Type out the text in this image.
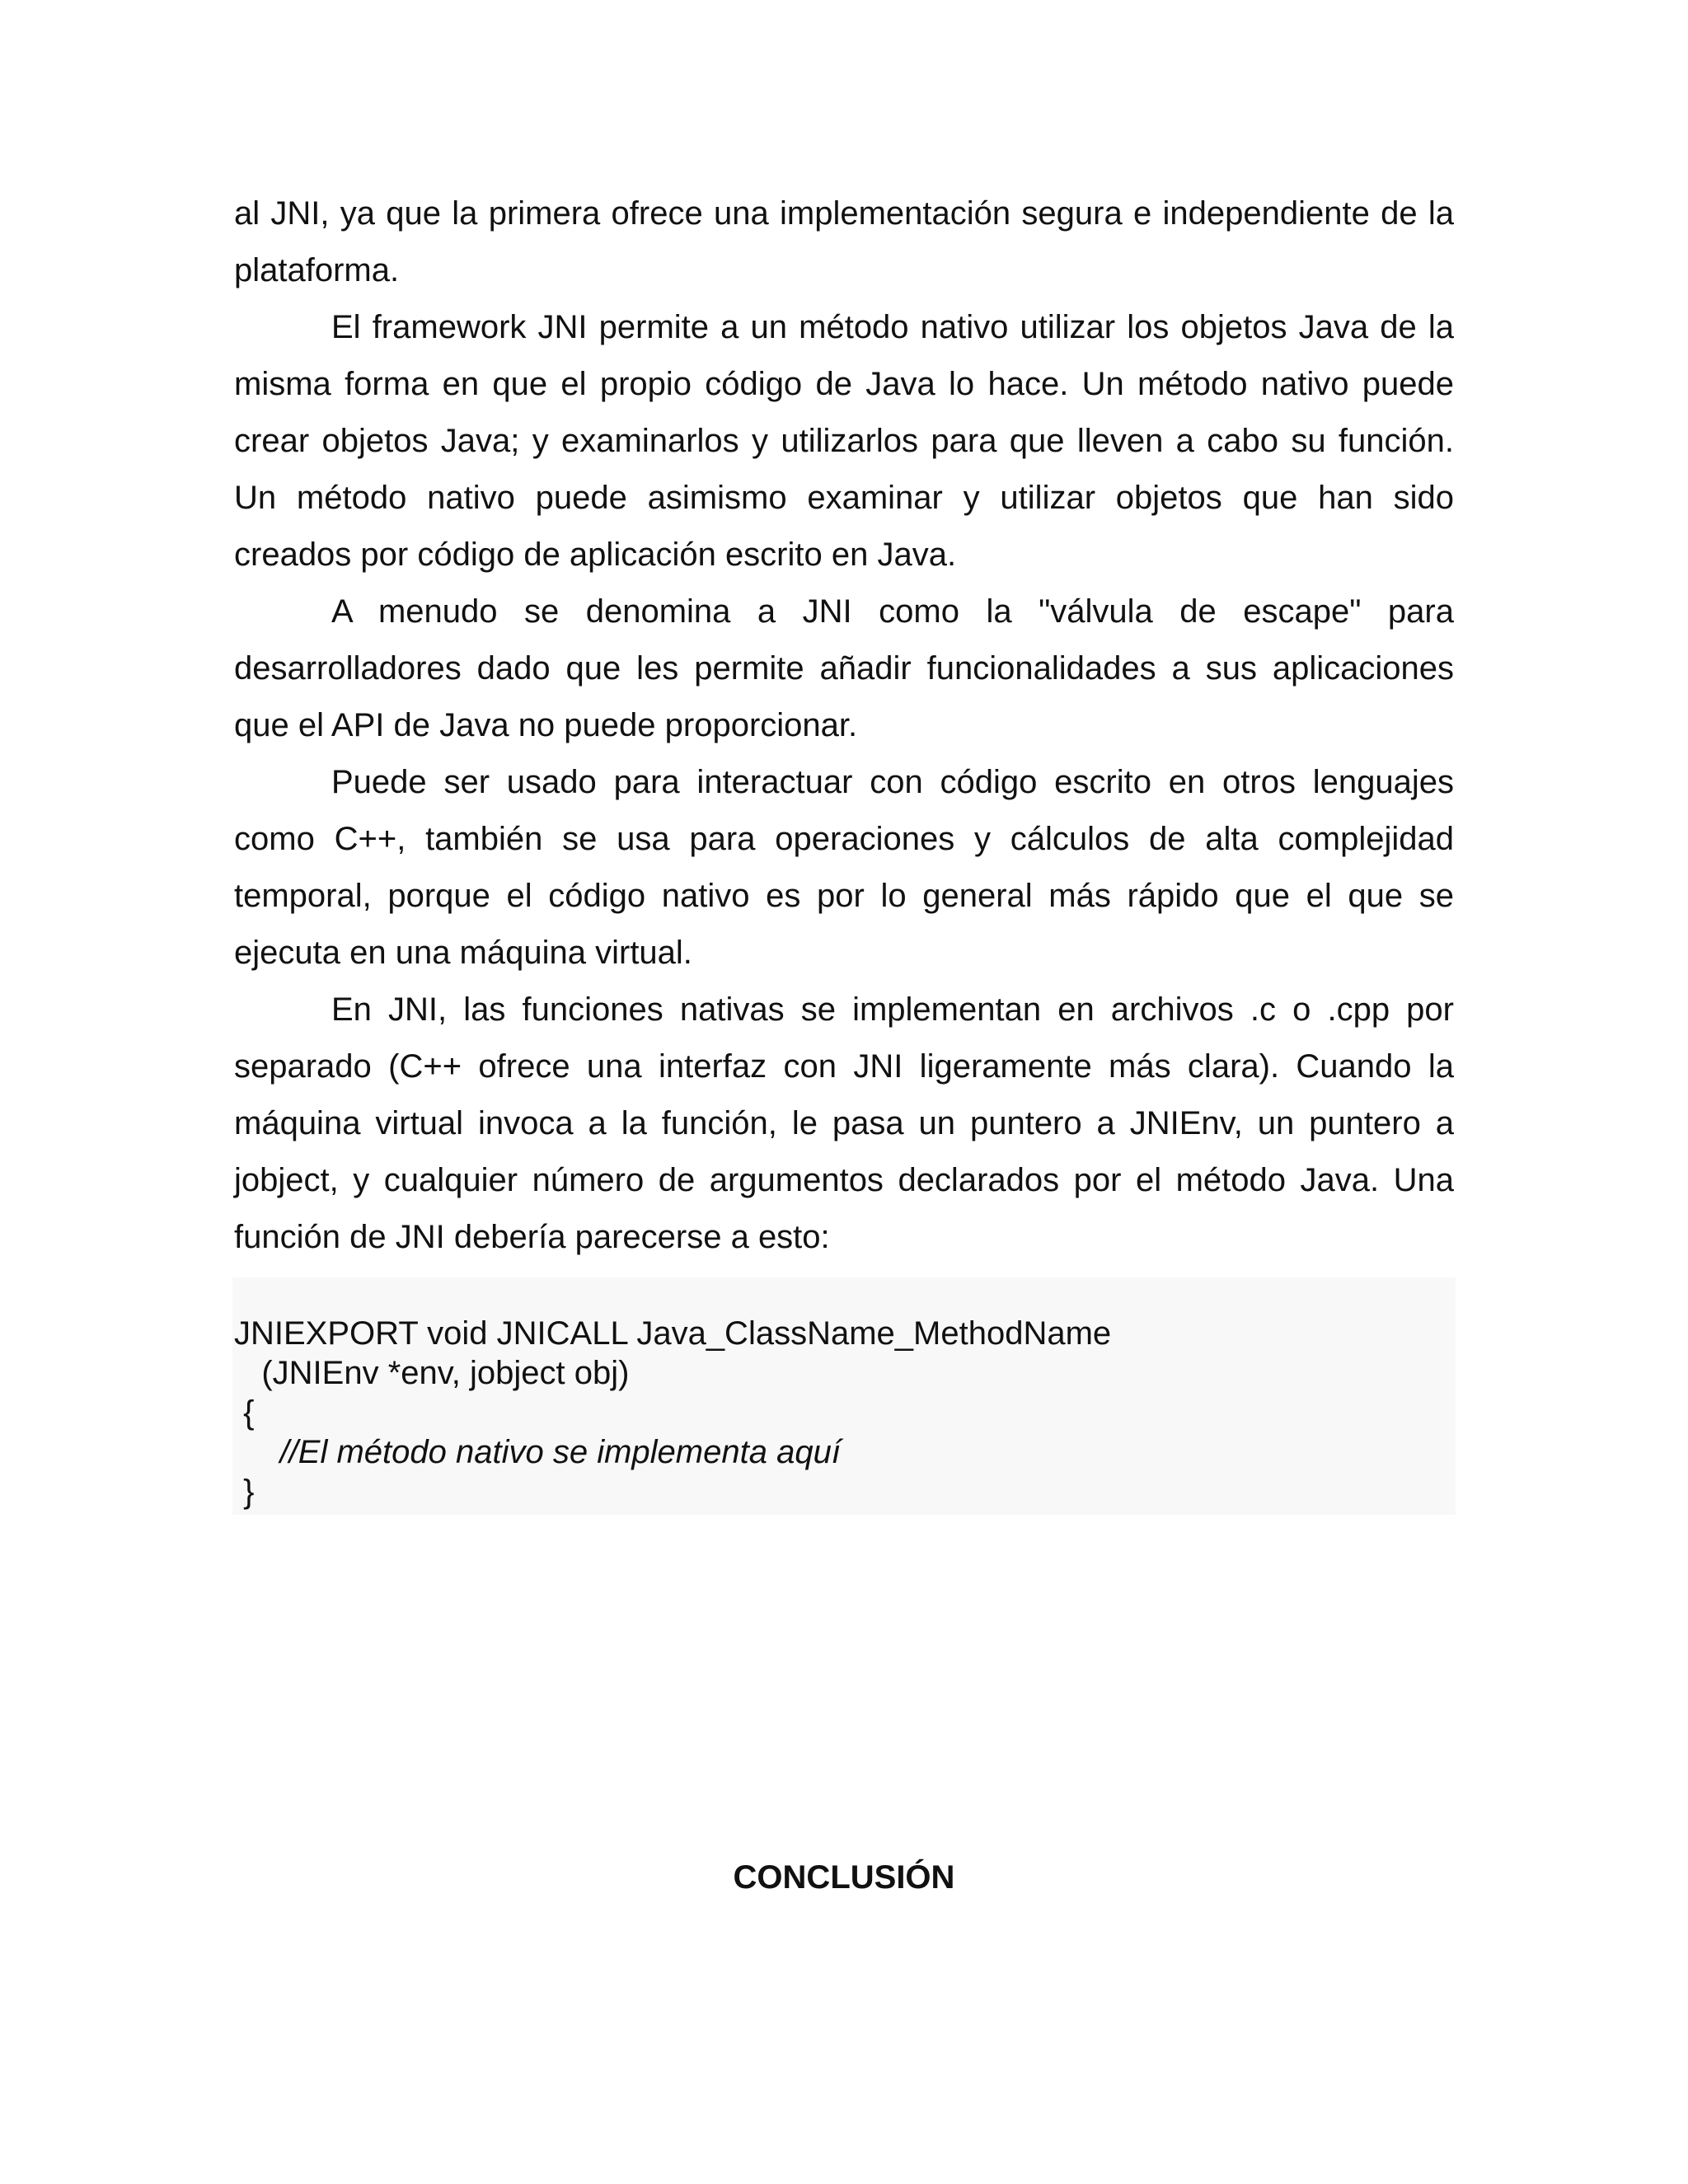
al JNI, ya que la primera ofrece una implementación segura e independiente de la plataforma.

El framework JNI permite a un método nativo utilizar los objetos Java de la misma forma en que el propio código de Java lo hace. Un método nativo puede crear objetos Java; y examinarlos y utilizarlos para que lleven a cabo su función. Un método nativo puede asimismo examinar y utilizar objetos que han sido creados por código de aplicación escrito en Java.

A menudo se denomina a JNI como la "válvula de escape" para desarrolladores dado que les permite añadir funcionalidades a sus aplicaciones que el API de Java no puede proporcionar.

Puede ser usado para interactuar con código escrito en otros lenguajes como C++, también se usa para operaciones y cálculos de alta complejidad temporal, porque el código nativo es por lo general más rápido que el que se ejecuta en una máquina virtual.

En JNI, las funciones nativas se implementan en archivos .c o .cpp por separado (C++ ofrece una interfaz con JNI ligeramente más clara). Cuando la máquina virtual invoca a la función, le pasa un puntero a JNIEnv, un puntero a jobject, y cualquier número de argumentos declarados por el método Java. Una función de JNI debería parecerse a esto:

JNIEXPORT void JNICALL Java_ClassName_MethodName
(JNIEnv *env, jobject obj)
{
//El método nativo se implementa aquí
}
CONCLUSIÓN
